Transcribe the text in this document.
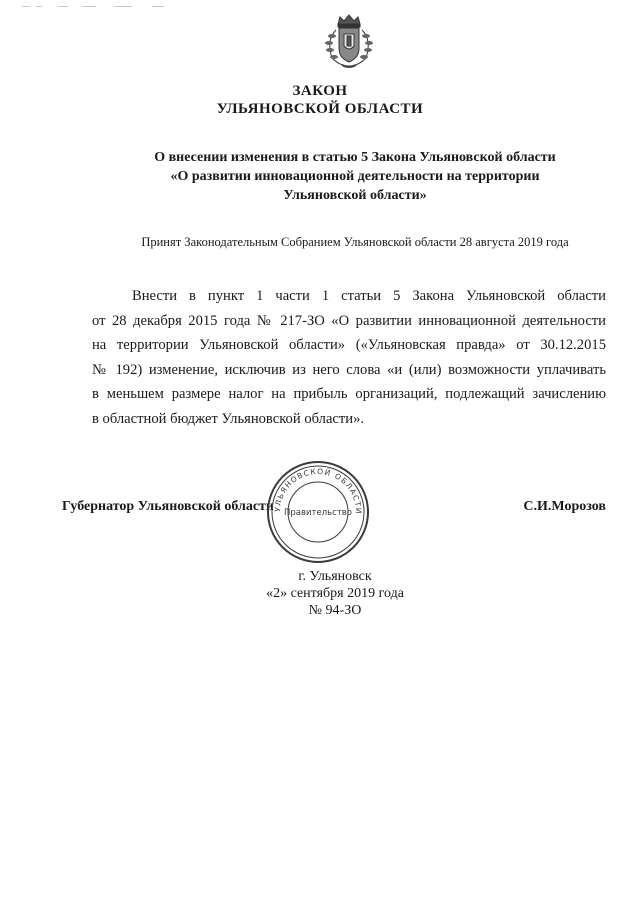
ЗАКОН
УЛЬЯНОВСКОЙ ОБЛАСТИ
О внесении изменения в статью 5 Закона Ульяновской области
«О развитии инновационной деятельности на территории
Ульяновской области»
Принят Законодательным Собранием Ульяновской области 28 августа 2019 года
Внести в пункт 1 части 1 статьи 5 Закона Ульяновской области
от 28 декабря 2015 года № 217-ЗО «О развитии инновационной деятельности
на территории Ульяновской области» («Ульяновская правда» от 30.12.2015
№ 192) изменение, исключив из него слова «и (или) возможности уплачивать
в меньшем размере налог на прибыль организаций, подлежащий зачислению
в областной бюджет Ульяновской области».
Губернатор Ульяновской области
УЛЬЯНОВСКОЙ ОБЛАСТИ
Правительство	С.И.Морозов
г. Ульяновск
«2» сентября 2019 года
№ 94-ЗО
